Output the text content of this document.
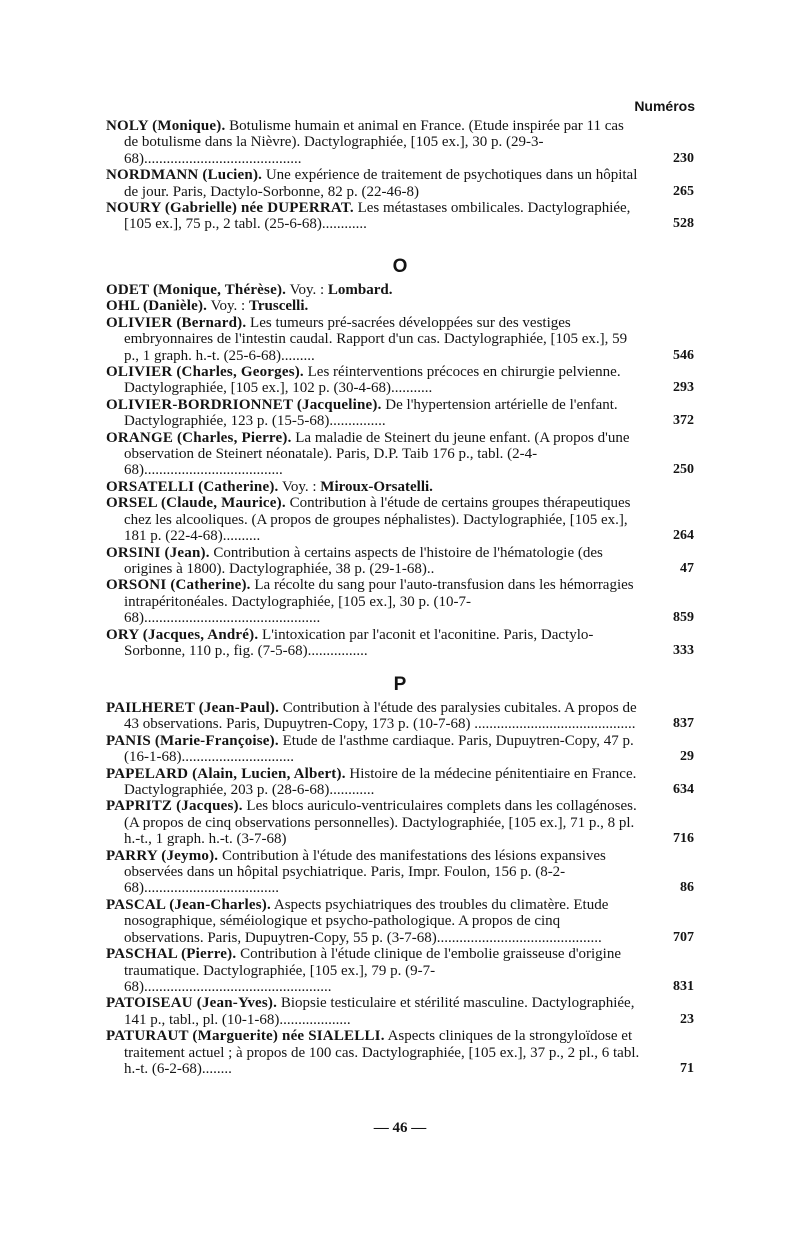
Numéros
NOLY (Monique). Botulisme humain et animal en France. (Etude inspirée par 11 cas de botulisme dans la Nièvre). Dactylographiée, [105 ex.], 30 p. (29-3-68)..........................................	230
NORDMANN (Lucien). Une expérience de traitement de psychotiques dans un hôpital de jour. Paris, Dactylo-Sorbonne, 82 p. (22-46-8)	265
NOURY (Gabrielle) née DUPERRAT. Les métastases ombilicales. Dactylographiée, [105 ex.], 75 p., 2 tabl. (25-6-68)............	528
O
ODET (Monique, Thérèse). Voy. : Lombard.
OHL (Danièle). Voy. : Truscelli.
OLIVIER (Bernard). Les tumeurs pré-sacrées développées sur des vestiges embryonnaires de l'intestin caudal. Rapport d'un cas. Dactylographiée, [105 ex.], 59 p., 1 graph. h.-t. (25-6-68).........	546
OLIVIER (Charles, Georges). Les réinterventions précoces en chirurgie pelvienne. Dactylographiée, [105 ex.], 102 p. (30-4-68)...........	293
OLIVIER-BORDRIONNET (Jacqueline). De l'hypertension artérielle de l'enfant. Dactylographiée, 123 p. (15-5-68)...............	372
ORANGE (Charles, Pierre). La maladie de Steinert du jeune enfant. (A propos d'une observation de Steinert néonatale). Paris, D.P. Taib 176 p., tabl. (2-4-68).....................................	250
ORSATELLI (Catherine). Voy. : Miroux-Orsatelli.
ORSEL (Claude, Maurice). Contribution à l'étude de certains groupes thérapeutiques chez les alcooliques. (A propos de groupes néphalistes). Dactylographiée, [105 ex.], 181 p. (22-4-68)..........	264
ORSINI (Jean). Contribution à certains aspects de l'histoire de l'hématologie (des origines à 1800). Dactylographiée, 38 p. (29-1-68)..	47
ORSONI (Catherine). La récolte du sang pour l'auto-transfusion dans les hémorragies intrapéritonéales. Dactylographiée, [105 ex.], 30 p. (10-7-68)...............................................	859
ORY (Jacques, André). L'intoxication par l'aconit et l'aconitine. Paris, Dactylo-Sorbonne, 110 p., fig. (7-5-68)................	333
P
PAILHERET (Jean-Paul). Contribution à l'étude des paralysies cubitales. A propos de 43 observations. Paris, Dupuytren-Copy, 173 p. (10-7-68) ...........................................	837
PANIS (Marie-Françoise). Etude de l'asthme cardiaque. Paris, Dupuytren-Copy, 47 p. (16-1-68)..............................	29
PAPELARD (Alain, Lucien, Albert). Histoire de la médecine pénitentiaire en France. Dactylographiée, 203 p. (28-6-68)............	634
PAPRITZ (Jacques). Les blocs auriculo-ventriculaires complets dans les collagénoses. (A propos de cinq observations personnelles). Dactylographiée, [105 ex.], 71 p., 8 pl. h.-t., 1 graph. h.-t. (3-7-68)	716
PARRY (Jeymo). Contribution à l'étude des manifestations des lésions expansives observées dans un hôpital psychiatrique. Paris, Impr. Foulon, 156 p. (8-2-68)....................................	86
PASCAL (Jean-Charles). Aspects psychiatriques des troubles du climatère. Etude nosographique, séméiologique et psycho-pathologique. A propos de cinq observations. Paris, Dupuytren-Copy, 55 p. (3-7-68)............................................	707
PASCHAL (Pierre). Contribution à l'étude clinique de l'embolie graisseuse d'origine traumatique. Dactylographiée, [105 ex.], 79 p. (9-7-68)..................................................	831
PATOISEAU (Jean-Yves). Biopsie testiculaire et stérilité masculine. Dactylographiée, 141 p., tabl., pl. (10-1-68)...................	23
PATURAUT (Marguerite) née SIALELLI. Aspects cliniques de la strongyloïdose et traitement actuel ; à propos de 100 cas. Dactylographiée, [105 ex.], 37 p., 2 pl., 6 tabl. h.-t. (6-2-68)........	71
— 46 —
